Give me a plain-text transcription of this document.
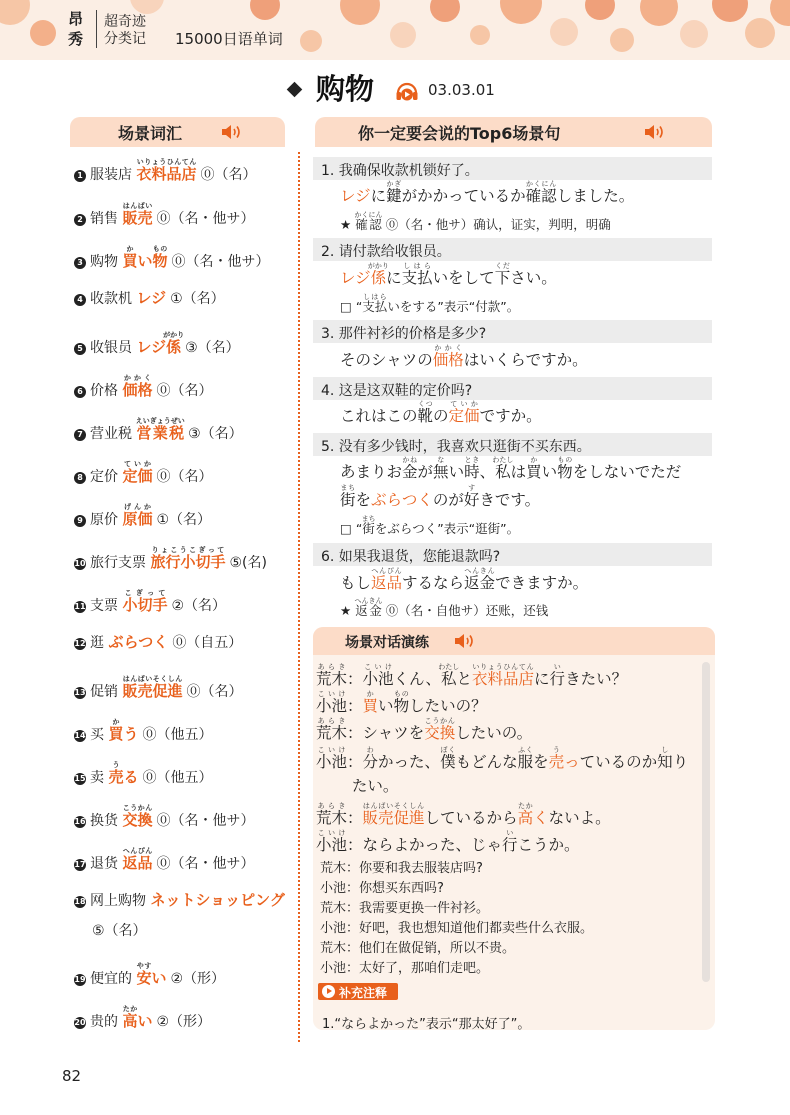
昂
秀
超奇迹
分类记 15000日语单词
购物	03.03.01
场景词汇
1 服装店 衣料品店いりょうひんてん⓪（名）
2 销售 販売はんばい⓪（名・他サ）
3 购物 買かい物もの⓪（名・他サ）
4 收款机 レジ ①（名）
5 收银员 レジ係がかり③（名）
6 价格 価格かかく⓪（名）
7 营业税 営業税えいぎょうぜい③（名）
8 定价 定価ていか⓪（名）
9 原价 原価げんか①（名）
10 旅行支票 旅行小切手りょこうこぎって⑤(名)
11 支票 小切手こぎって②（名）
12 逛 ぶらつく ⓪（自五）
13 促销 販売促進はんばいそくしん⓪（名）
14 买 買かう ⓪（他五）
15 卖 売うる ⓪（他五）
16 换货 交換こうかん⓪（名・他サ）
17 退货 返品へんぴん⓪（名・他サ）
18 网上购物 ネットショッピング
⑤（名）
19 便宜的 安やすい ②（形）
20 贵的 高たかい ②（形）
你一定要会说的Top6场景句
1. 我确保收款机锁好了。
レジに鍵かぎがかかっているか確認かくにんしました。
★ 確認かくにん ⓪（名・他サ）确认，证实，判明，明确
2. 请付款给收银员。
レジ係がかりに支払しはらいをして下ください。
□ “支払しはらいをする”表示“付款”。
3. 那件衬衫的价格是多少?
そのシャツの価格かかくはいくらですか。
4. 这是这双鞋的定价吗?
これはこの靴くつの定価ていかですか。
5. 没有多少钱时，我喜欢只逛街不买东西。
あまりお金かねが無ない時とき、私わたしは買かい物ものをしないでただ
街まちをぶらつくのが好すきです。
□ “街まちをぶらつく”表示“逛街”。
6. 如果我退货，您能退款吗?
もし返品へんぴんするなら返金へんきんできますか。
★ 返金へんきん ⓪（名・自他サ）还账，还钱
场景对话演练
荒木あらき：小池こいけくん、私わたしと衣料品店いりょうひんてんに行いきたい？
小池こいけ：買かい物ものしたいの？
荒木あらき：シャツを交換こうかんしたいの。
小池こいけ：分わかった、僕ぼくもどんな服ふくを売うっているのか知しり
　　 たい。
荒木あらき：販売促進はんばいそくしんしているから高たかくないよ。
小池こいけ：ならよかった、じゃ行いこうか。
荒木：你要和我去服装店吗?
小池：你想买东西吗?
荒木：我需要更换一件衬衫。
小池：好吧，我也想知道他们都卖些什么衣服。
荒木：他们在做促销，所以不贵。
小池：太好了，那咱们走吧。
补充注释
1.“ならよかった”表示“那太好了”。
82
